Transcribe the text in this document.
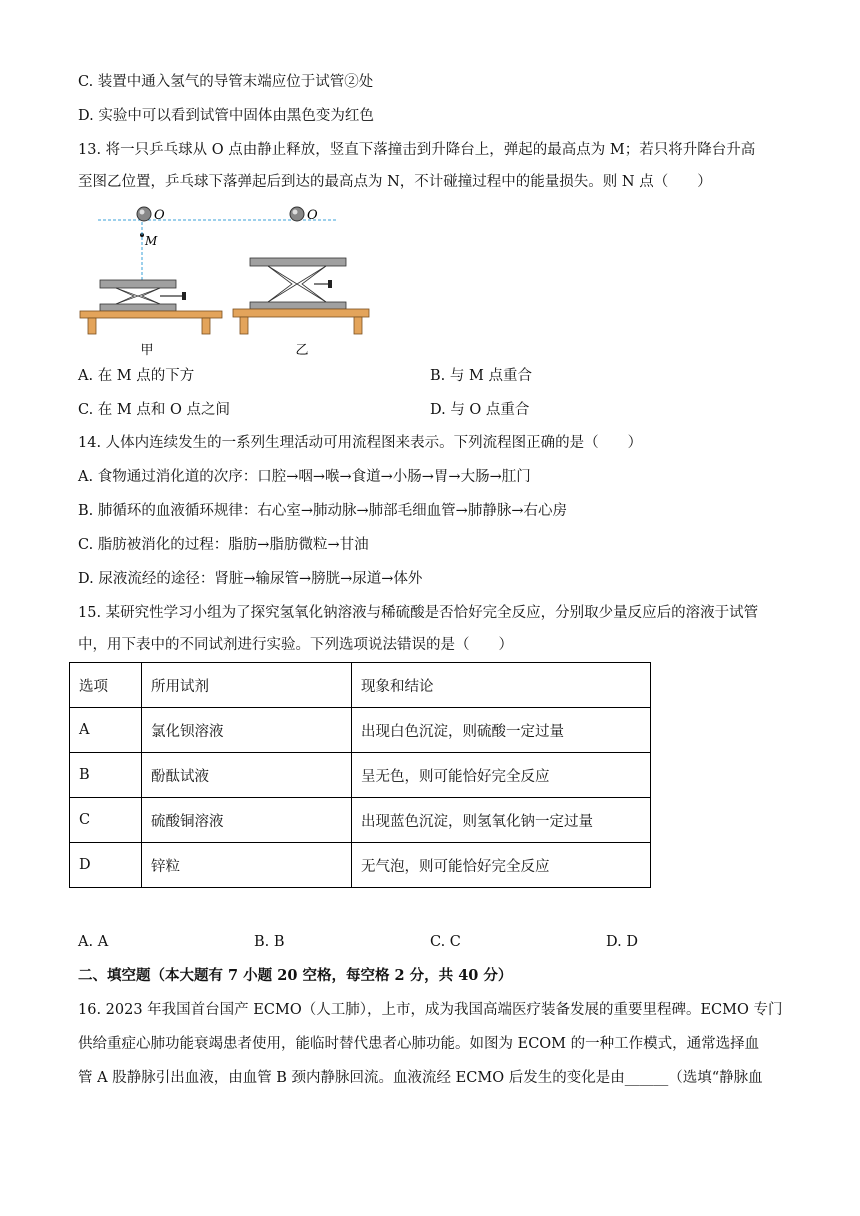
C. 装置中通入氢气的导管末端应位于试管②处
D. 实验中可以看到试管中固体由黑色变为红色
13. 将一只乒乓球从 O 点由静止释放，竖直下落撞击到升降台上，弹起的最高点为 M；若只将升降台升高
至图乙位置，乒乓球下落弹起后到达的最高点为 N，不计碰撞过程中的能量损失。则 N 点（　　）
O
M
甲
O
乙
A. 在 M 点的下方	B. 与 M 点重合
C. 在 M 点和 O 点之间	D. 与 O 点重合
14. 人体内连续发生的一系列生理活动可用流程图来表示。下列流程图正确的是（　　）
A. 食物通过消化道的次序：口腔→咽→喉→食道→小肠→胃→大肠→肛门
B. 肺循环的血液循环规律：右心室→肺动脉→肺部毛细血管→肺静脉→右心房
C. 脂肪被消化的过程：脂肪→脂肪微粒→甘油
D. 尿液流经的途径：肾脏→输尿管→膀胱→尿道→体外
15. 某研究性学习小组为了探究氢氧化钠溶液与稀硫酸是否恰好完全反应，分别取少量反应后的溶液于试管
中，用下表中的不同试剂进行实验。下列选项说法错误的是（　　）
选项	所用试剂	现象和结论
A	氯化钡溶液	出现白色沉淀，则硫酸一定过量
B	酚酞试液	呈无色，则可能恰好完全反应
C	硫酸铜溶液	出现蓝色沉淀，则氢氧化钠一定过量
D	锌粒	无气泡，则可能恰好完全反应
A. A	B. B	C. C	D. D
二、填空题（本大题有 7 小题 20 空格，每空格 2 分，共 40 分）
16. 2023 年我国首台国产 ECMO（人工肺），上市，成为我国高端医疗装备发展的重要里程碑。ECMO 专门
供给重症心肺功能衰竭患者使用，能临时替代患者心肺功能。如图为 ECOM 的一种工作模式，通常选择血
管 A 股静脉引出血液，由血管 B 颈内静脉回流。血液流经 ECMO 后发生的变化是由______（选填“静脉血
